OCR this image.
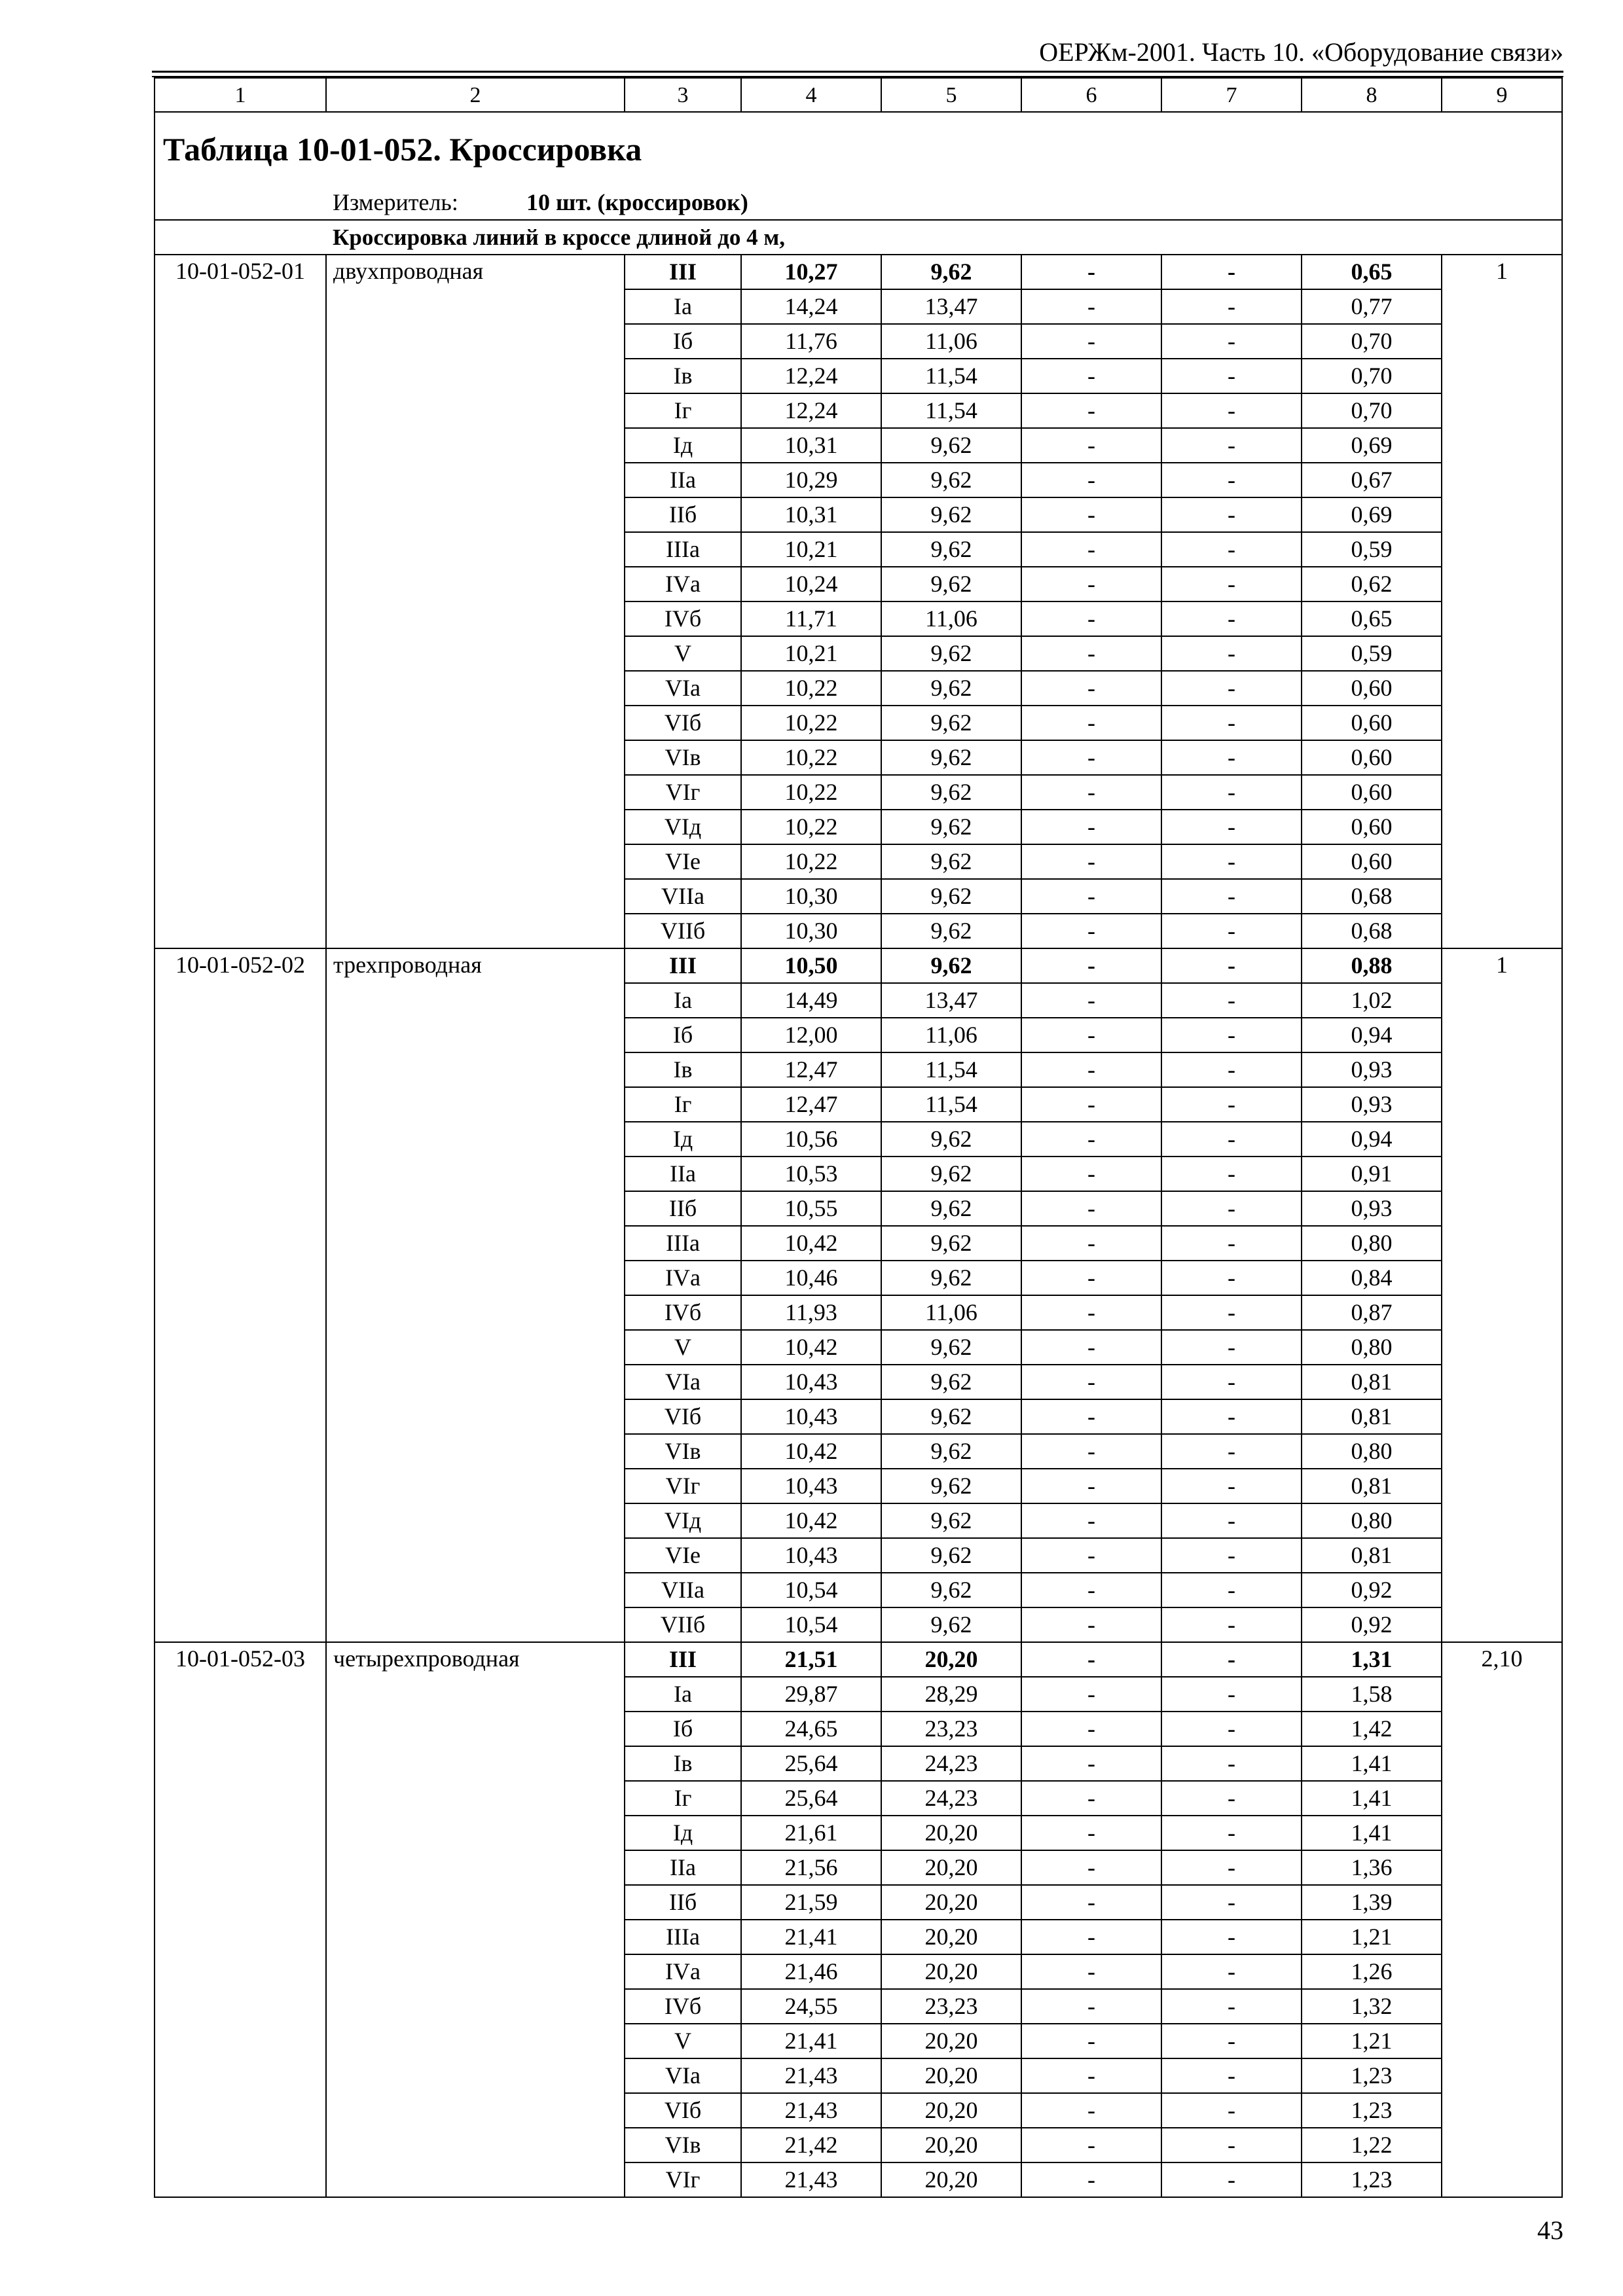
ОЕРЖм-2001. Часть 10. «Оборудование связи»
1	2	3	4	5	6	7	8	9
Таблица 10-01-052. Кроссировка								
	Измеритель: 10 шт. (кроссировок)							
	Кроссировка линий в кроссе длиной до 4 м,							
10-01-052-01	двухпроводная	III	10,27	9,62	-	-	0,65	1
		Iа	14,24	13,47	-	-	0,77	
		Iб	11,76	11,06	-	-	0,70	
		Iв	12,24	11,54	-	-	0,70	
		Iг	12,24	11,54	-	-	0,70	
		Iд	10,31	9,62	-	-	0,69	
		IIа	10,29	9,62	-	-	0,67	
		IIб	10,31	9,62	-	-	0,69	
		IIIа	10,21	9,62	-	-	0,59	
		IVа	10,24	9,62	-	-	0,62	
		IVб	11,71	11,06	-	-	0,65	
		V	10,21	9,62	-	-	0,59	
		VIа	10,22	9,62	-	-	0,60	
		VIб	10,22	9,62	-	-	0,60	
		VIв	10,22	9,62	-	-	0,60	
		VIг	10,22	9,62	-	-	0,60	
		VIд	10,22	9,62	-	-	0,60	
		VIе	10,22	9,62	-	-	0,60	
		VIIа	10,30	9,62	-	-	0,68	
		VIIб	10,30	9,62	-	-	0,68	
10-01-052-02	трехпроводная	III	10,50	9,62	-	-	0,88	1
		Iа	14,49	13,47	-	-	1,02	
		Iб	12,00	11,06	-	-	0,94	
		Iв	12,47	11,54	-	-	0,93	
		Iг	12,47	11,54	-	-	0,93	
		Iд	10,56	9,62	-	-	0,94	
		IIа	10,53	9,62	-	-	0,91	
		IIб	10,55	9,62	-	-	0,93	
		IIIа	10,42	9,62	-	-	0,80	
		IVа	10,46	9,62	-	-	0,84	
		IVб	11,93	11,06	-	-	0,87	
		V	10,42	9,62	-	-	0,80	
		VIа	10,43	9,62	-	-	0,81	
		VIб	10,43	9,62	-	-	0,81	
		VIв	10,42	9,62	-	-	0,80	
		VIг	10,43	9,62	-	-	0,81	
		VIд	10,42	9,62	-	-	0,80	
		VIе	10,43	9,62	-	-	0,81	
		VIIа	10,54	9,62	-	-	0,92	
		VIIб	10,54	9,62	-	-	0,92	
10-01-052-03	четырехпроводная	III	21,51	20,20	-	-	1,31	2,10
		Iа	29,87	28,29	-	-	1,58	
		Iб	24,65	23,23	-	-	1,42	
		Iв	25,64	24,23	-	-	1,41	
		Iг	25,64	24,23	-	-	1,41	
		Iд	21,61	20,20	-	-	1,41	
		IIа	21,56	20,20	-	-	1,36	
		IIб	21,59	20,20	-	-	1,39	
		IIIа	21,41	20,20	-	-	1,21	
		IVа	21,46	20,20	-	-	1,26	
		IVб	24,55	23,23	-	-	1,32	
		V	21,41	20,20	-	-	1,21	
		VIа	21,43	20,20	-	-	1,23	
		VIб	21,43	20,20	-	-	1,23	
		VIв	21,42	20,20	-	-	1,22	
		VIг	21,43	20,20	-	-	1,23	
43
